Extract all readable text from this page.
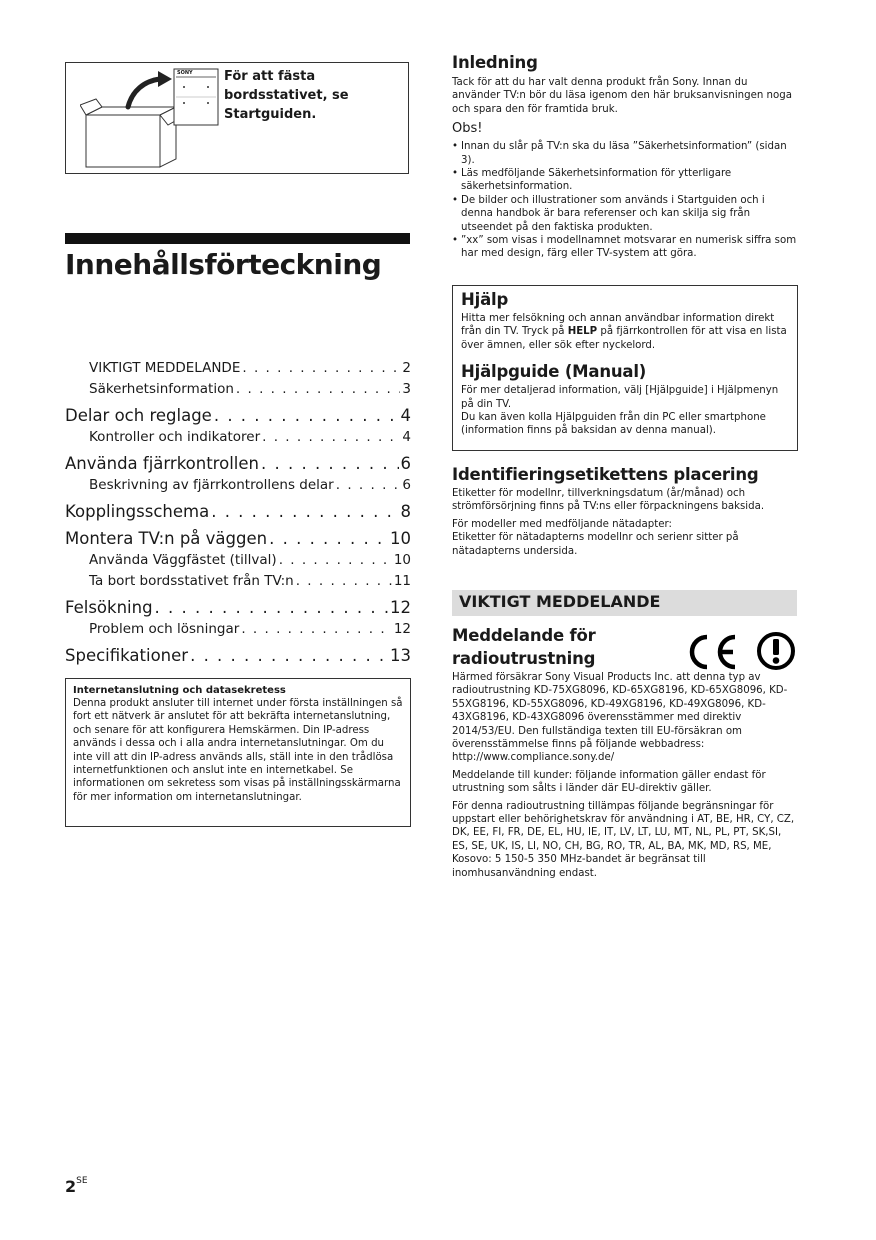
SONY För att fästa bordsstativet, se Startguiden.
Innehållsförteckning
VIKTIGT MEDDELANDE . . .	2
Säkerhetsinformation . . .	3
Delar och reglage . . .	4
Kontroller och indikatorer . . .	4
Använda fjärrkontrollen . . .	6
Beskrivning av fjärrkontrollens delar . . .	6
Kopplingsschema . . .	8
Montera TV:n på väggen . . .	10
Använda Väggfästet (tillval) . . .	10
Ta bort bordsstativet från TV:n . . .	11
Felsökning . . .	12
Problem och lösningar . . .	12
Specifikationer . . .	13
Internetanslutning och datasekretess
Denna produkt ansluter till internet under första inställningen så fort ett nätverk är anslutet för att bekräfta internetanslutning, och senare för att konfigurera Hemskärmen. Din IP-adress används i dessa och i alla andra internetanslutningar. Om du inte vill att din IP-adress används alls, ställ inte in den trådlösa internetfunktionen och anslut inte en internetkabel. Se informationen om sekretess som visas på inställningsskärmarna för mer information om internetanslutningar.
$2^{SE}$
Inledning
Tack för att du har valt denna produkt från Sony. Innan du använder TV:n bör du läsa igenom den här bruksanvisningen noga och spara den för framtida bruk.
Obs!
• Innan du slår på TV:n ska du läsa ”Säkerhetsinformation” (sidan 3).
• Läs medföljande Säkerhetsinformation för ytterligare säkerhetsinformation.
• De bilder och illustrationer som används i Startguiden och i denna handbok är bara referenser och kan skilja sig från utseendet på den faktiska produkten.
• ”xx” som visas i modellnamnet motsvarar en numerisk siffra som har med design, färg eller TV-system att göra.
Hjälp
Hitta mer felsökning och annan användbar information direkt från din TV. Tryck på HELP på fjärrkontrollen för att visa en lista över ämnen, eller sök efter nyckelord.
Hjälpguide (Manual)
För mer detaljerad information, välj [Hjälpguide] i Hjälpmenyn på din TV.
Du kan även kolla Hjälpguiden från din PC eller smartphone (information finns på baksidan av denna manual).
Identifieringsetikettens placering
Etiketter för modellnr, tillverkningsdatum (år/månad) och strömförsörjning finns på TV:ns eller förpackningens baksida.
För modeller med medföljande nätadapter:
Etiketter för nätadapterns modellnr och serienr sitter på nätadapterns undersida.
VIKTIGT MEDDELANDE
Meddelande för
radioutrustning
Härmed försäkrar Sony Visual Products Inc. att denna typ av radioutrustning KD-75XG8096, KD-65XG8196, KD-65XG8096, KD-55XG8196, KD-55XG8096, KD-49XG8196, KD-49XG8096, KD-43XG8196, KD-43XG8096 överensstämmer med direktiv 2014/53/EU. Den fullständiga texten till EU-försäkran om överensstämmelse finns på följande webbadress:
http://www.compliance.sony.de/
Meddelande till kunder: följande information gäller endast för utrustning som sålts i länder där EU-direktiv gäller.
För denna radioutrustning tillämpas följande begränsningar för uppstart eller behörighetskrav för användning i AT, BE, HR, CY, CZ, DK, EE, FI, FR, DE, EL, HU, IE, IT, LV, LT, LU, MT, NL, PL, PT, SK,SI, ES, SE, UK, IS, LI, NO, CH, BG, RO, TR, AL, BA, MK, MD, RS, ME, Kosovo: 5 150-5 350 MHz-bandet är begränsat till inomhusanvändning endast.
